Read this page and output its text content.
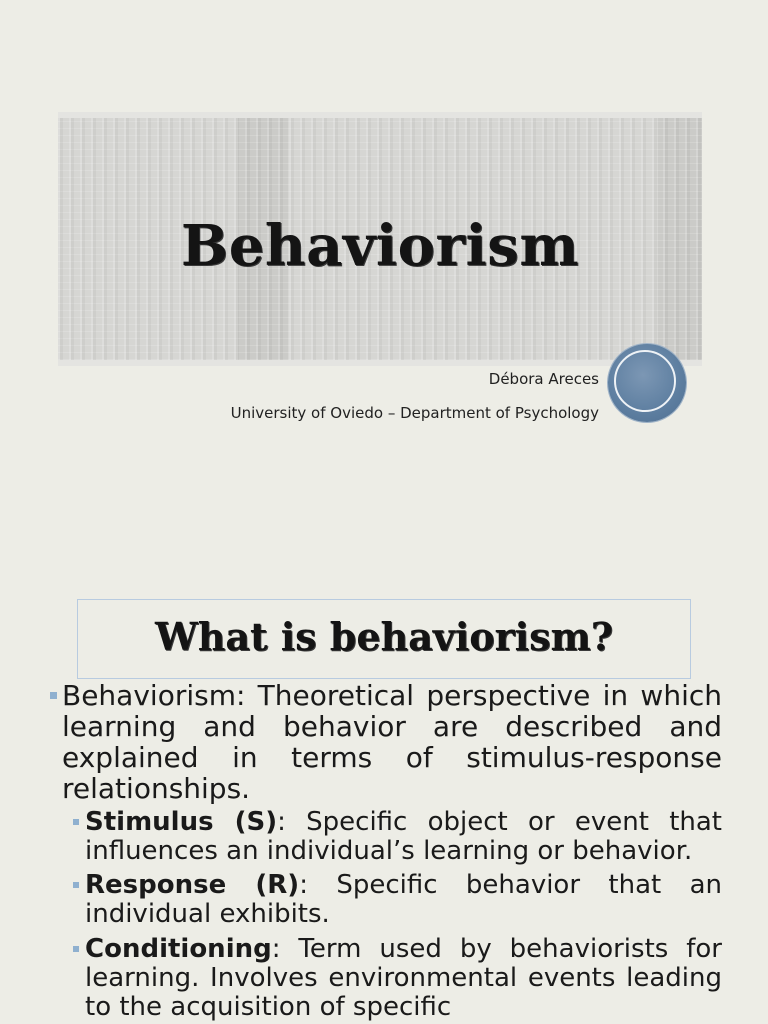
Behaviorism
Débora Areces
University of Oviedo – Department of Psychology
What is behaviorism?
Behaviorism: Theoretical perspective in which learning and behavior are described and explained in terms of stimulus-response relationships.
Stimulus (S): Specific object or event that influences an individual’s learning or behavior.
Response (R): Specific behavior that an individual exhibits.
Conditioning: Term used by behaviorists for learning. Involves environmental events leading to the acquisition of specific
